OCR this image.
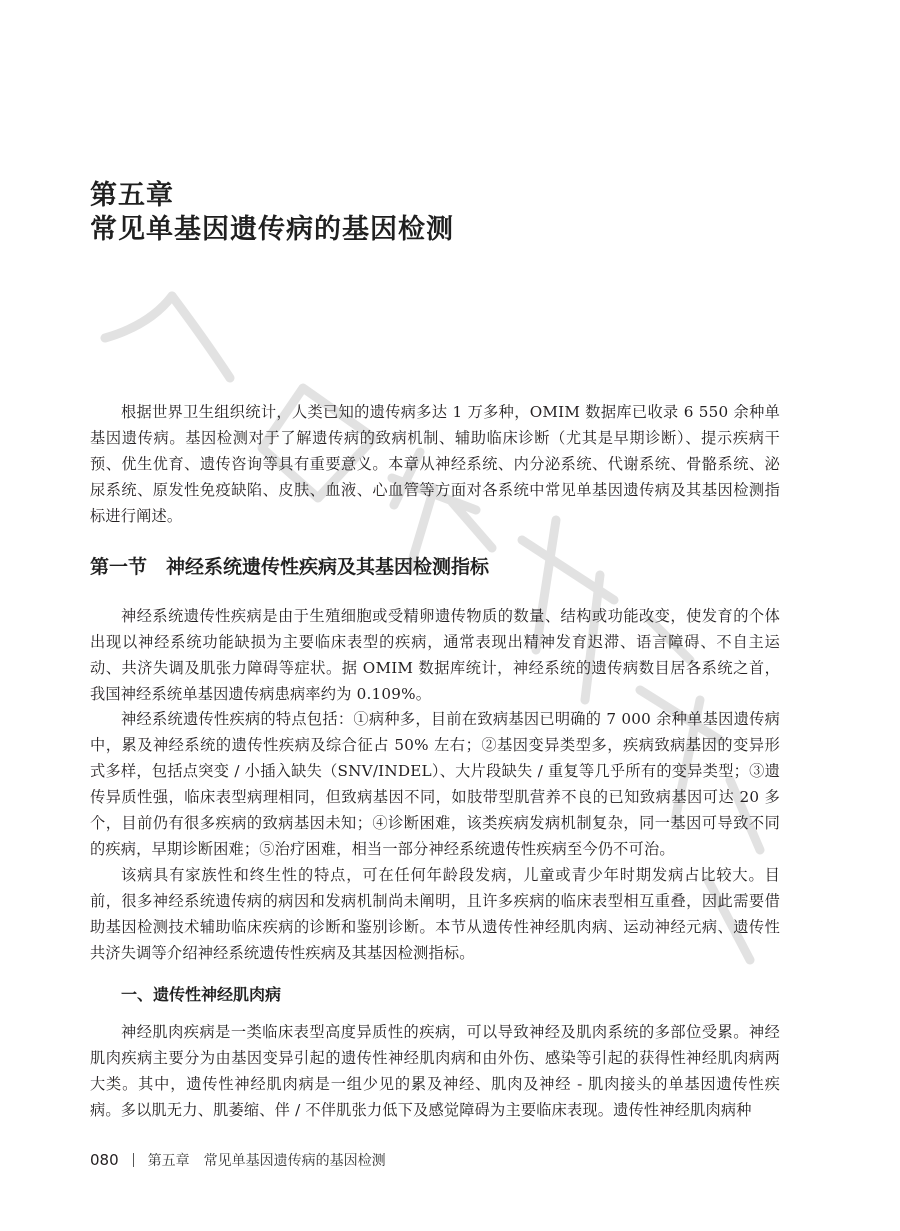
第五章
常见单基因遗传病的基因检测

根据世界卫生组织统计，人类已知的遗传病多达 1 万多种，OMIM 数据库已收录 6 550 余种单基因遗传病。基因检测对于了解遗传病的致病机制、辅助临床诊断（尤其是早期诊断）、提示疾病干预、优生优育、遗传咨询等具有重要意义。本章从神经系统、内分泌系统、代谢系统、骨骼系统、泌尿系统、原发性免疫缺陷、皮肤、血液、心血管等方面对各系统中常见单基因遗传病及其基因检测指标进行阐述。

第一节　神经系统遗传性疾病及其基因检测指标

神经系统遗传性疾病是由于生殖细胞或受精卵遗传物质的数量、结构或功能改变，使发育的个体出现以神经系统功能缺损为主要临床表型的疾病，通常表现出精神发育迟滞、语言障碍、不自主运动、共济失调及肌张力障碍等症状。据 OMIM 数据库统计，神经系统的遗传病数目居各系统之首，我国神经系统单基因遗传病患病率约为 0.109%。

神经系统遗传性疾病的特点包括：①病种多，目前在致病基因已明确的 7 000 余种单基因遗传病中，累及神经系统的遗传性疾病及综合征占 50% 左右；②基因变异类型多，疾病致病基因的变异形式多样，包括点突变 / 小插入缺失（SNV/INDEL）、大片段缺失 / 重复等几乎所有的变异类型；③遗传异质性强，临床表型病理相同，但致病基因不同，如肢带型肌营养不良的已知致病基因可达 20 多个，目前仍有很多疾病的致病基因未知；④诊断困难，该类疾病发病机制复杂，同一基因可导致不同的疾病，早期诊断困难；⑤治疗困难，相当一部分神经系统遗传性疾病至今仍不可治。

该病具有家族性和终生性的特点，可在任何年龄段发病，儿童或青少年时期发病占比较大。目前，很多神经系统遗传病的病因和发病机制尚未阐明，且许多疾病的临床表型相互重叠，因此需要借助基因检测技术辅助临床疾病的诊断和鉴别诊断。本节从遗传性神经肌肉病、运动神经元病、遗传性共济失调等介绍神经系统遗传性疾病及其基因检测指标。

一、遗传性神经肌肉病

神经肌肉疾病是一类临床表型高度异质性的疾病，可以导致神经及肌肉系统的多部位受累。神经肌肉疾病主要分为由基因变异引起的遗传性神经肌肉病和由外伤、感染等引起的获得性神经肌肉病两大类。其中，遗传性神经肌肉病是一组少见的累及神经、肌肉及神经 - 肌肉接头的单基因遗传性疾病。多以肌无力、肌萎缩、伴 / 不伴肌张力低下及感觉障碍为主要临床表现。遗传性神经肌肉病种

080 第五章　常见单基因遗传病的基因检测
